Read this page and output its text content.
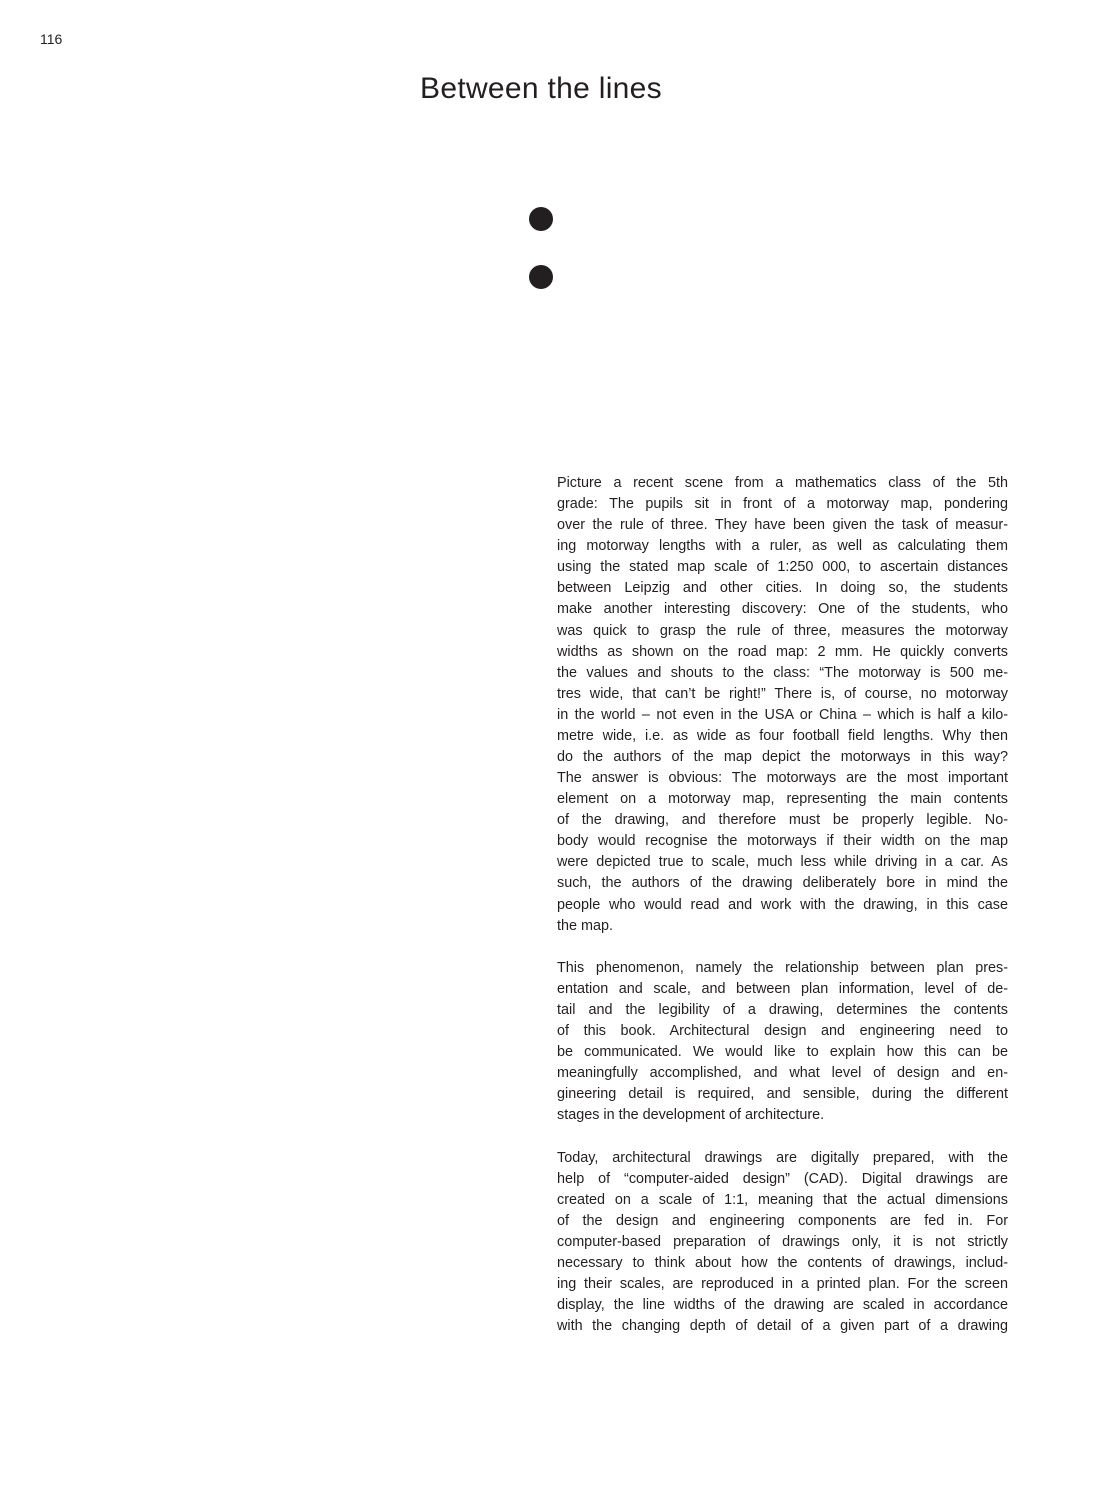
116
Between the lines
Picture a recent scene from a mathematics class of the 5th
grade: The pupils sit in front of a motorway map, pondering
over the rule of three. They have been given the task of measur-
ing motorway lengths with a ruler, as well as calculating them
using the stated map scale of 1:250 000, to ascertain distances
between Leipzig and other cities. In doing so, the students
make another interesting discovery: One of the students, who
was quick to grasp the rule of three, measures the motorway
widths as shown on the road map: 2 mm. He quickly converts
the values and shouts to the class: “The motorway is 500 me-
tres wide, that can’t be right!” There is, of course, no motorway
in the world – not even in the USA or China – which is half a kilo-
metre wide, i.e. as wide as four football field lengths. Why then
do the authors of the map depict the motorways in this way?
The answer is obvious: The motorways are the most important
element on a motorway map, representing the main contents
of the drawing, and therefore must be properly legible. No-
body would recognise the motorways if their width on the map
were depicted true to scale, much less while driving in a car. As
such, the authors of the drawing deliberately bore in mind the
people who would read and work with the drawing, in this case
the map.
This phenomenon, namely the relationship between plan pres-
entation and scale, and between plan information, level of de-
tail and the legibility of a drawing, determines the contents
of this book. Architectural design and engineering need to
be communicated. We would like to explain how this can be
meaningfully accomplished, and what level of design and en-
gineering detail is required, and sensible, during the different
stages in the development of architecture.
Today, architectural drawings are digitally prepared, with the
help of “computer-aided design” (CAD). Digital drawings are
created on a scale of 1:1, meaning that the actual dimensions
of the design and engineering components are fed in. For
computer-based preparation of drawings only, it is not strictly
necessary to think about how the contents of drawings, includ-
ing their scales, are reproduced in a printed plan. For the screen
display, the line widths of the drawing are scaled in accordance
with the changing depth of detail of a given part of a drawing
